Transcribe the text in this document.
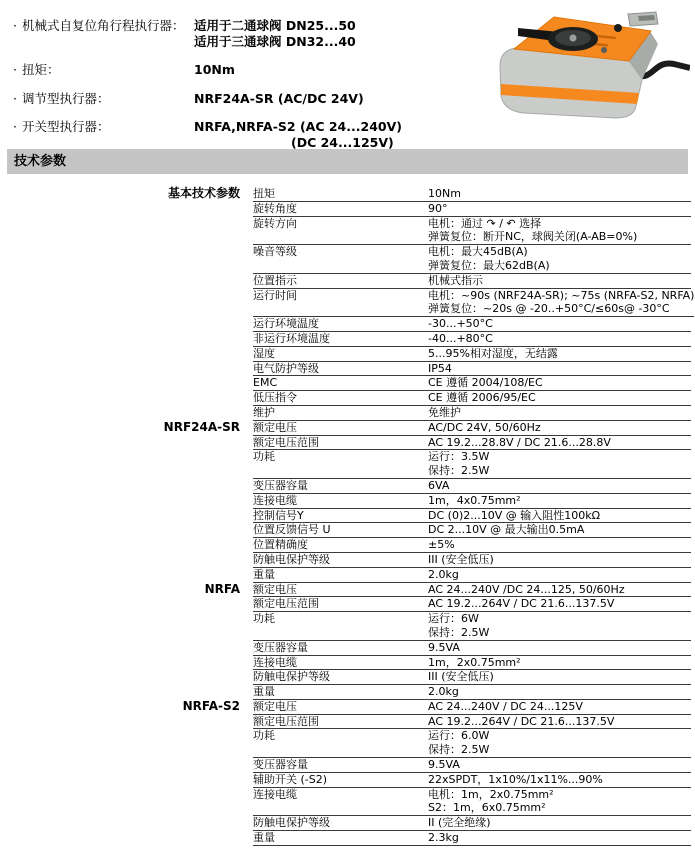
· 机械式自复位角行程执行器： 适用于二通球阀 DN25...50
适用于三通球阀 DN32...40
· 扭矩：	10Nm
· 调节型执行器：	NRF24A-SR (AC/DC 24V)
· 开关型执行器：	NRFA,NRFA-S2 (AC 24...240V)
(DC 24...125V)
技术参数
基本技术参数 扭矩	10Nm
旋转角度	90°
旋转方向	电机：通过 ↷ / ↶ 选择
弹簧复位：断开NC，球阀关闭(A-AB=0%)
噪音等级	电机：最大45dB(A)
弹簧复位：最大62dB(A)
位置指示	机械式指示
运行时间	电机：~90s (NRF24A-SR); ~75s (NRFA-S2, NRFA)
弹簧复位：~20s @ -20..+50°C/≤60s@ -30°C
运行环境温度	-30...+50°C
非运行环境温度	-40...+80°C
湿度	5...95%相对湿度，无结露
电气防护等级	IP54
EMC	CE 遵循 2004/108/EC
低压指令	CE 遵循 2006/95/EC
维护	免维护
NRF24A-SR 额定电压	AC/DC 24V, 50/60Hz
额定电压范围	AC 19.2...28.8V / DC 21.6...28.8V
功耗	运行：3.5W
保持：2.5W
变压器容量	6VA
连接电缆	1m，4x0.75mm²
控制信号Y	DC (0)2...10V @ 输入阻性100kΩ
位置反馈信号 U	DC 2...10V @ 最大输出0.5mA
位置精确度	±5%
防触电保护等级	III (安全低压)
重量	2.0kg
NRFA 额定电压	AC 24...240V /DC 24...125, 50/60Hz
额定电压范围	AC 19.2...264V / DC 21.6...137.5V
功耗	运行：6W
保持：2.5W
变压器容量	9.5VA
连接电缆	1m，2x0.75mm²
防触电保护等级	III (安全低压)
重量	2.0kg
NRFA-S2 额定电压	AC 24...240V / DC 24...125V
额定电压范围	AC 19.2...264V / DC 21.6...137.5V
功耗	运行：6.0W
保持：2.5W
变压器容量	9.5VA
辅助开关 (-S2)	22xSPDT，1x10%/1x11%...90%
连接电缆	电机：1m，2x0.75mm²
S2：1m，6x0.75mm²
防触电保护等级	II (完全绝缘)
重量	2.3kg
